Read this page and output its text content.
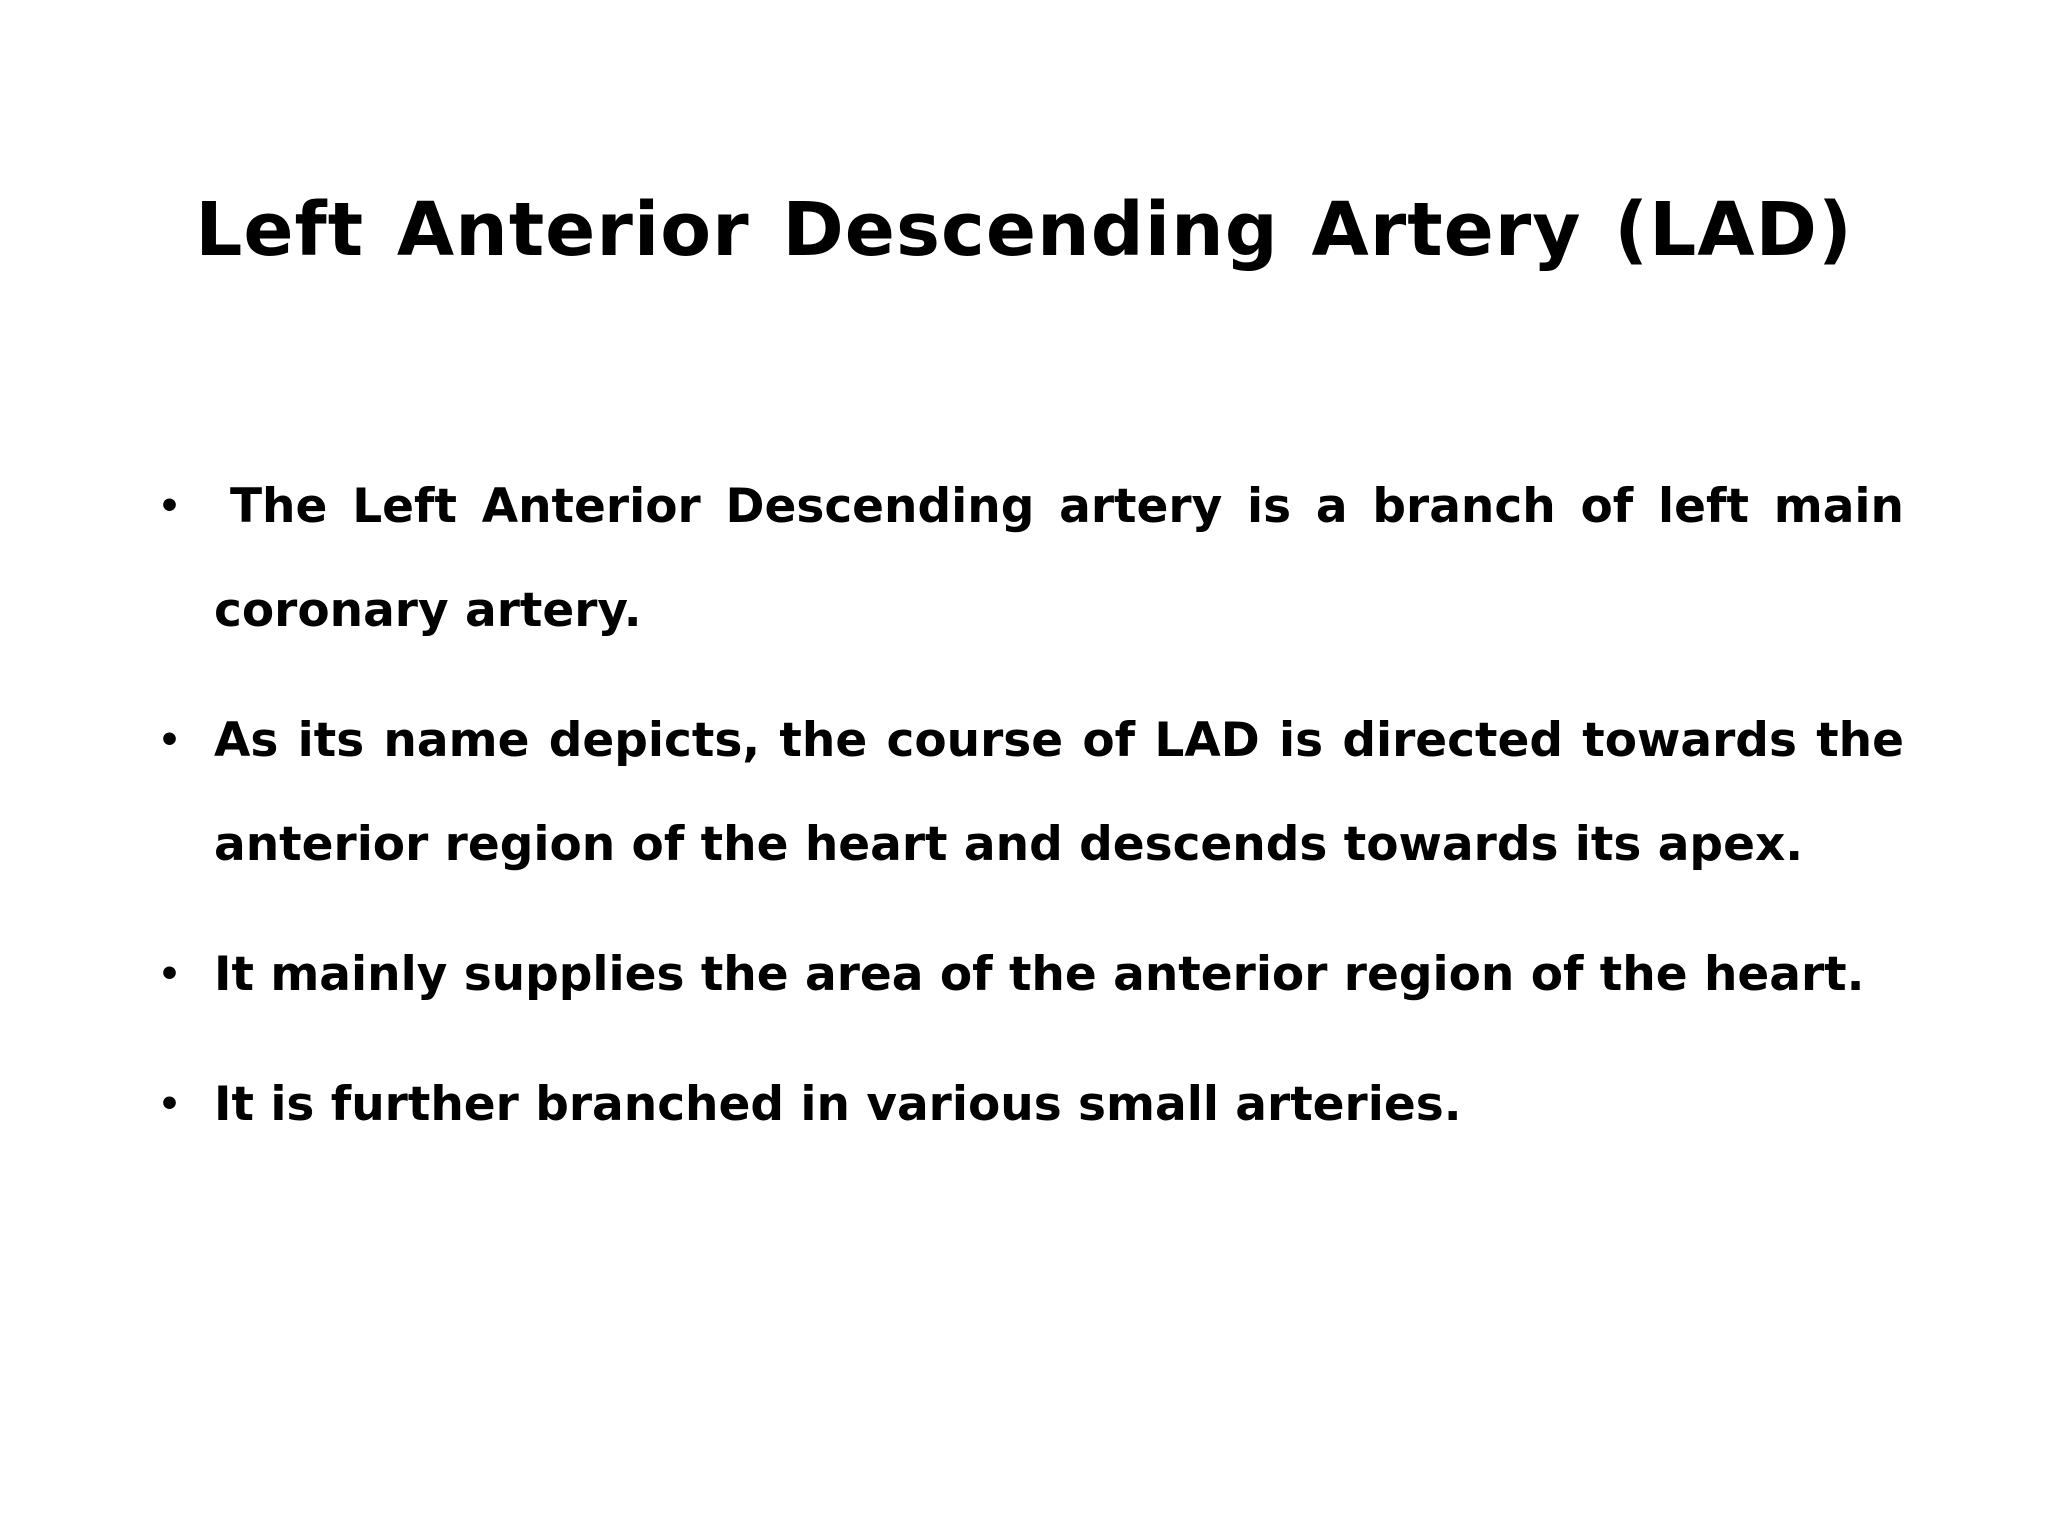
Left Anterior Descending Artery (LAD)
• The Left Anterior Descending artery is a branch of left main coronary artery.
• As its name depicts, the course of LAD is directed towards the anterior region of the heart and descends towards its apex.
• It mainly supplies the area of the anterior region of the heart.
• It is further branched in various small arteries.
